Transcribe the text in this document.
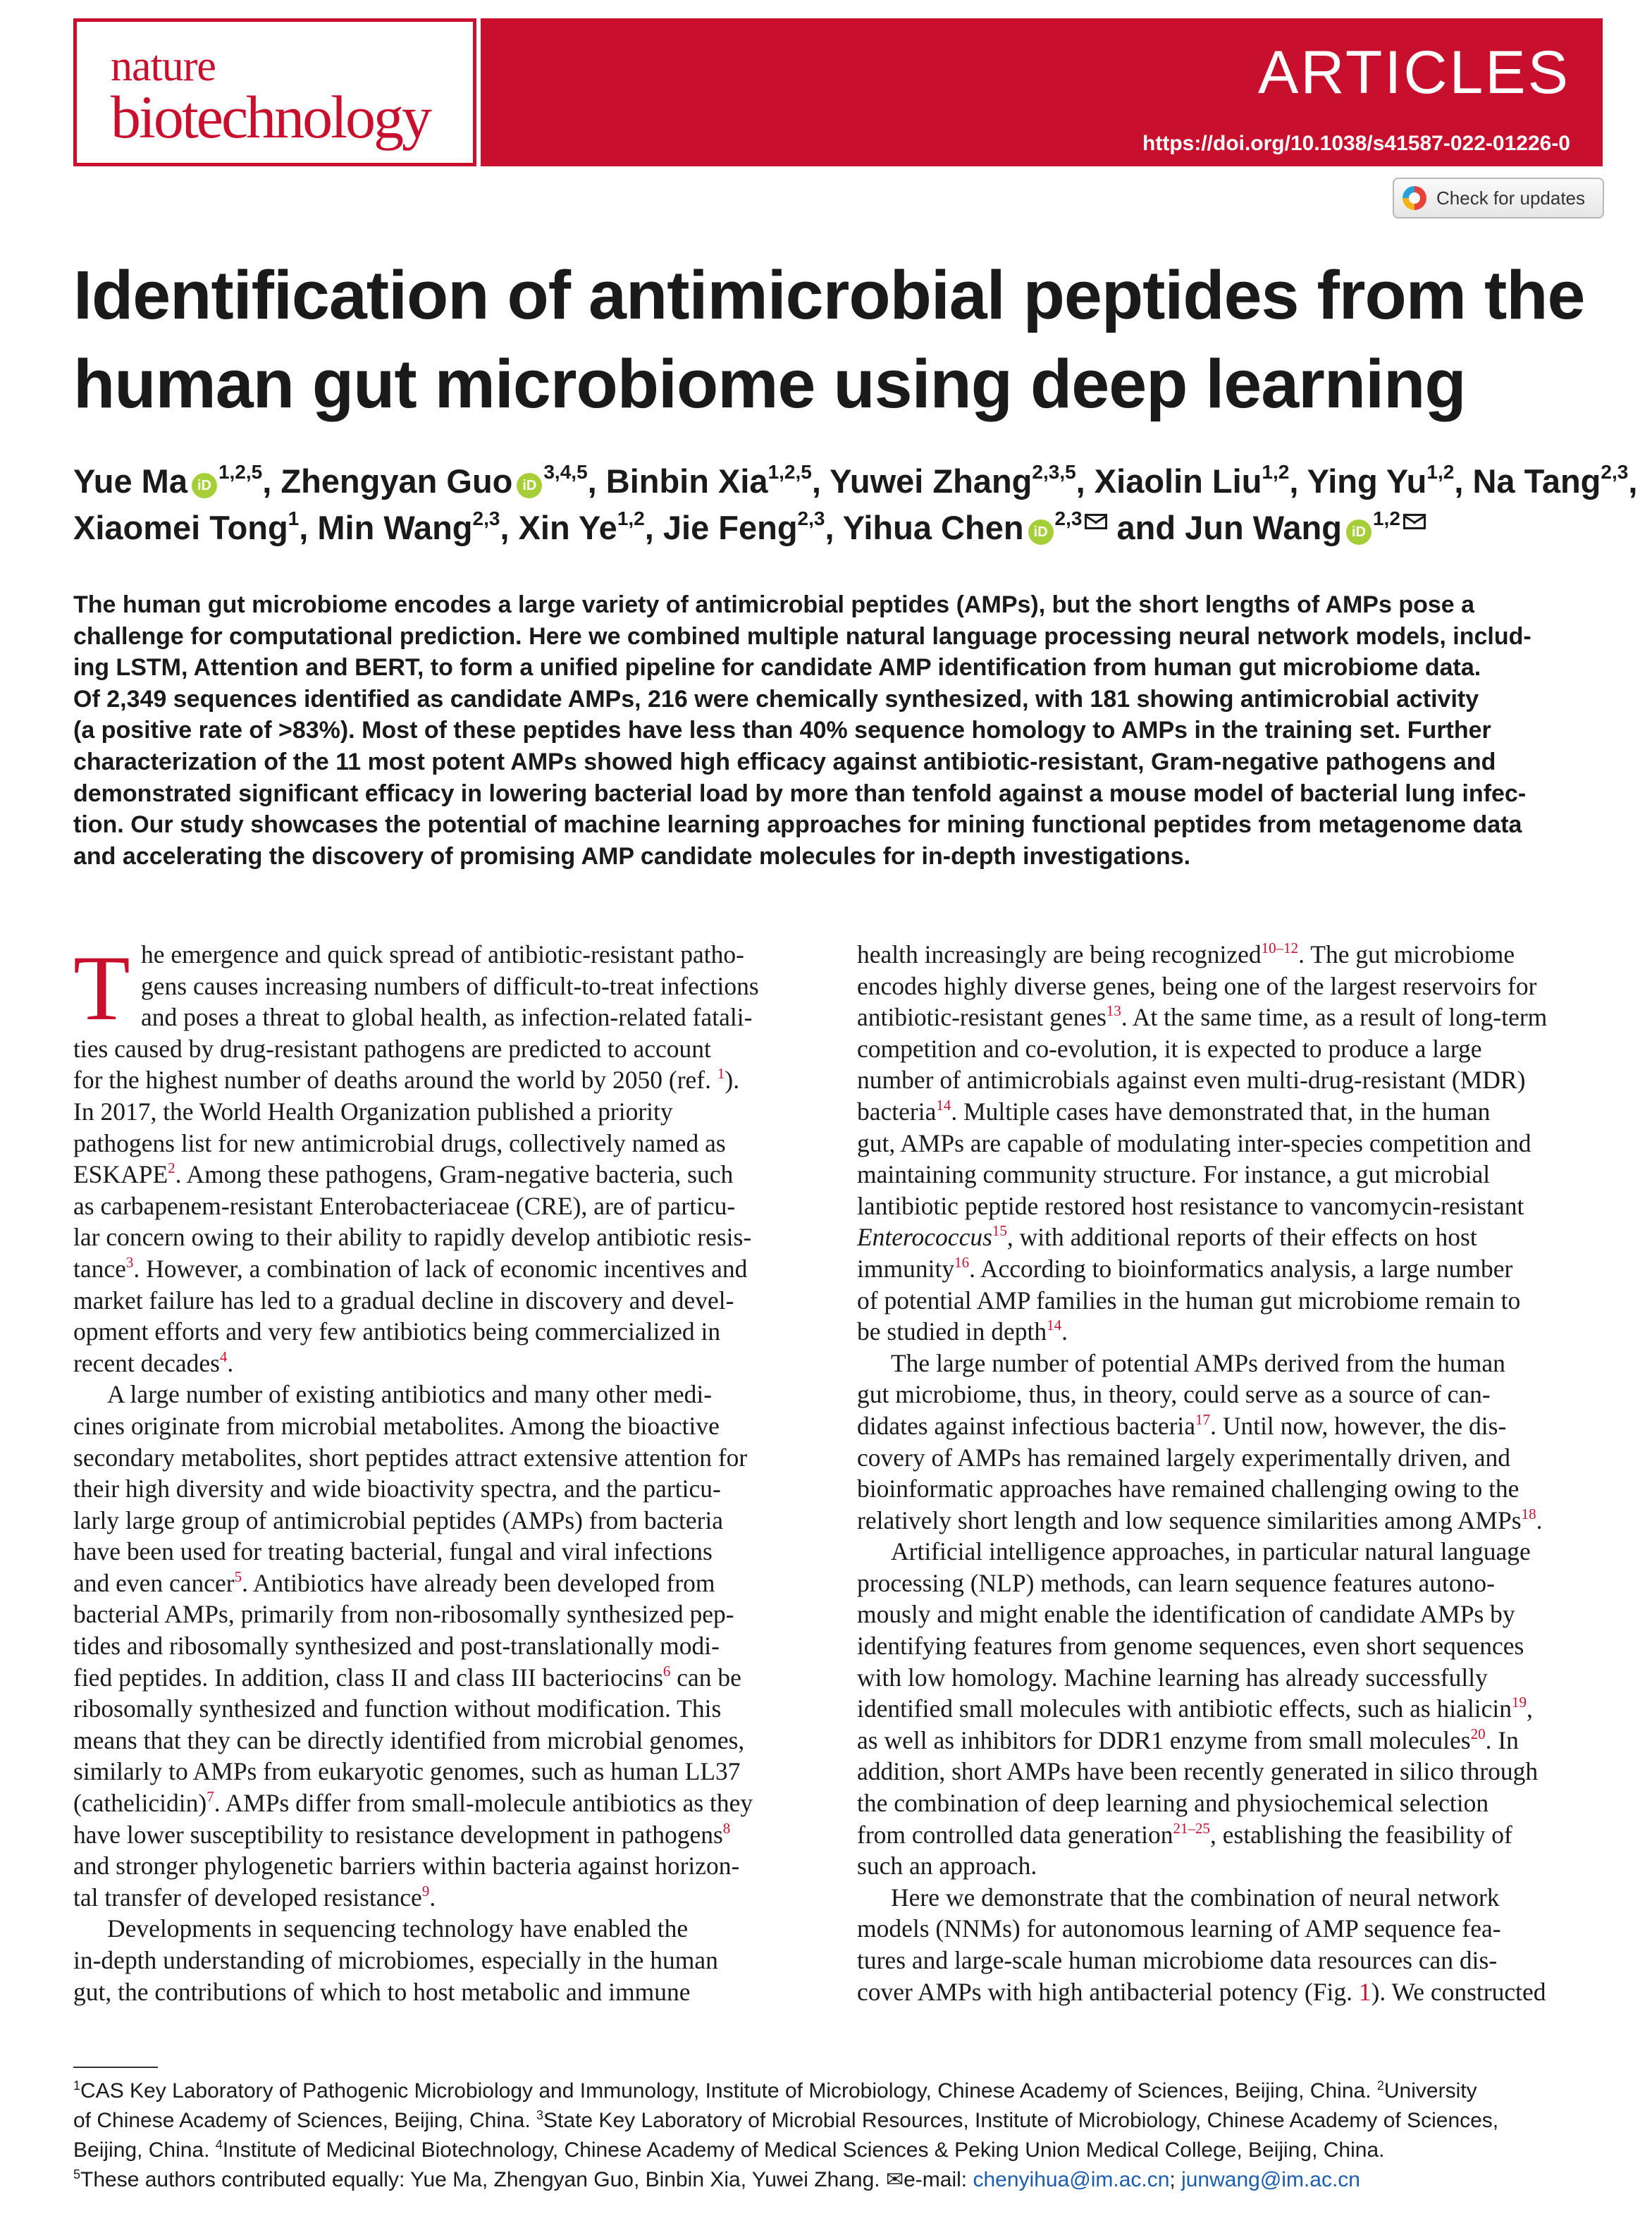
nature
biotechnology
ARTICLES
https://doi.org/10.1038/s41587-022-01226-0
Check for updates
Identification of antimicrobial peptides from the
human gut microbiome using deep learning
Yue Ma iD$^{1,2,5}$, Zhengyan Guo iD$^{3,4,5}$, Binbin Xia$^{1,2,5}$, Yuwei Zhang$^{2,3,5}$, Xiaolin Liu$^{1,2}$, Ying Yu$^{1,2}$, Na Tang$^{2,3}$,
Xiaomei Tong$^1$, Min Wang$^{2,3}$, Xin Ye$^{1,2}$, Jie Feng$^{2,3}$, Yihua Chen iD$^{2,3}$ and Jun Wang iD$^{1,2}$
The human gut microbiome encodes a large variety of antimicrobial peptides (AMPs), but the short lengths of AMPs pose a
challenge for computational prediction. Here we combined multiple natural language processing neural network models, includ-
ing LSTM, Attention and BERT, to form a unified pipeline for candidate AMP identification from human gut microbiome data.
Of 2,349 sequences identified as candidate AMPs, 216 were chemically synthesized, with 181 showing antimicrobial activity
(a positive rate of >83%). Most of these peptides have less than 40% sequence homology to AMPs in the training set. Further
characterization of the 11 most potent AMPs showed high efficacy against antibiotic-resistant, Gram-negative pathogens and
demonstrated significant efficacy in lowering bacterial load by more than tenfold against a mouse model of bacterial lung infec-
tion. Our study showcases the potential of machine learning approaches for mining functional peptides from metagenome data
and accelerating the discovery of promising AMP candidate molecules for in-depth investigations.
T he emergence and quick spread of antibiotic-resistant patho-
gens causes increasing numbers of difficult-to-treat infections
and poses a threat to global health, as infection-related fatali-
ties caused by drug-resistant pathogens are predicted to account
for the highest number of deaths around the world by 2050 (ref. $^1$).
In 2017, the World Health Organization published a priority
pathogens list for new antimicrobial drugs, collectively named as
ESKAPE$^2$. Among these pathogens, Gram-negative bacteria, such
as carbapenem-resistant Enterobacteriaceae (CRE), are of particu-
lar concern owing to their ability to rapidly develop antibiotic resis-
tance$^3$. However, a combination of lack of economic incentives and
market failure has led to a gradual decline in discovery and devel-
opment efforts and very few antibiotics being commercialized in
recent decades$^4$.
A large number of existing antibiotics and many other medi-
cines originate from microbial metabolites. Among the bioactive
secondary metabolites, short peptides attract extensive attention for
their high diversity and wide bioactivity spectra, and the particu-
larly large group of antimicrobial peptides (AMPs) from bacteria
have been used for treating bacterial, fungal and viral infections
and even cancer$^5$. Antibiotics have already been developed from
bacterial AMPs, primarily from non-ribosomally synthesized pep-
tides and ribosomally synthesized and post-translationally modi-
fied peptides. In addition, class II and class III bacteriocins$^6$ can be
ribosomally synthesized and function without modification. This
means that they can be directly identified from microbial genomes,
similarly to AMPs from eukaryotic genomes, such as human LL37
(cathelicidin)$^7$. AMPs differ from small-molecule antibiotics as they
have lower susceptibility to resistance development in pathogens$^8$
and stronger phylogenetic barriers within bacteria against horizon-
tal transfer of developed resistance$^9$.
Developments in sequencing technology have enabled the
in-depth understanding of microbiomes, especially in the human
gut, the contributions of which to host metabolic and immune
health increasingly are being recognized$^{10-12}$. The gut microbiome
encodes highly diverse genes, being one of the largest reservoirs for
antibiotic-resistant genes$^{13}$. At the same time, as a result of long-term
competition and co-evolution, it is expected to produce a large
number of antimicrobials against even multi-drug-resistant (MDR)
bacteria$^{14}$. Multiple cases have demonstrated that, in the human
gut, AMPs are capable of modulating inter-species competition and
maintaining community structure. For instance, a gut microbial
lantibiotic peptide restored host resistance to vancomycin-resistant
Enterococcus$^{15}$, with additional reports of their effects on host
immunity$^{16}$. According to bioinformatics analysis, a large number
of potential AMP families in the human gut microbiome remain to
be studied in depth$^{14}$.
The large number of potential AMPs derived from the human
gut microbiome, thus, in theory, could serve as a source of can-
didates against infectious bacteria$^{17}$. Until now, however, the dis-
covery of AMPs has remained largely experimentally driven, and
bioinformatic approaches have remained challenging owing to the
relatively short length and low sequence similarities among AMPs$^{18}$.
Artificial intelligence approaches, in particular natural language
processing (NLP) methods, can learn sequence features autono-
mously and might enable the identification of candidate AMPs by
identifying features from genome sequences, even short sequences
with low homology. Machine learning has already successfully
identified small molecules with antibiotic effects, such as hialicin$^{19}$,
as well as inhibitors for DDR1 enzyme from small molecules$^{20}$. In
addition, short AMPs have been recently generated in silico through
the combination of deep learning and physiochemical selection
from controlled data generation$^{21-25}$, establishing the feasibility of
such an approach.
Here we demonstrate that the combination of neural network
models (NNMs) for autonomous learning of AMP sequence fea-
tures and large-scale human microbiome data resources can dis-
cover AMPs with high antibacterial potency (Fig. 1). We constructed
$^1$CAS Key Laboratory of Pathogenic Microbiology and Immunology, Institute of Microbiology, Chinese Academy of Sciences, Beijing, China. $^2$University
of Chinese Academy of Sciences, Beijing, China. $^3$State Key Laboratory of Microbial Resources, Institute of Microbiology, Chinese Academy of Sciences,
Beijing, China. $^4$Institute of Medicinal Biotechnology, Chinese Academy of Medical Sciences & Peking Union Medical College, Beijing, China.
$^5$These authors contributed equally: Yue Ma, Zhengyan Guo, Binbin Xia, Yuwei Zhang. ✉e-mail: chenyihua@im.ac.cn; junwang@im.ac.cn
